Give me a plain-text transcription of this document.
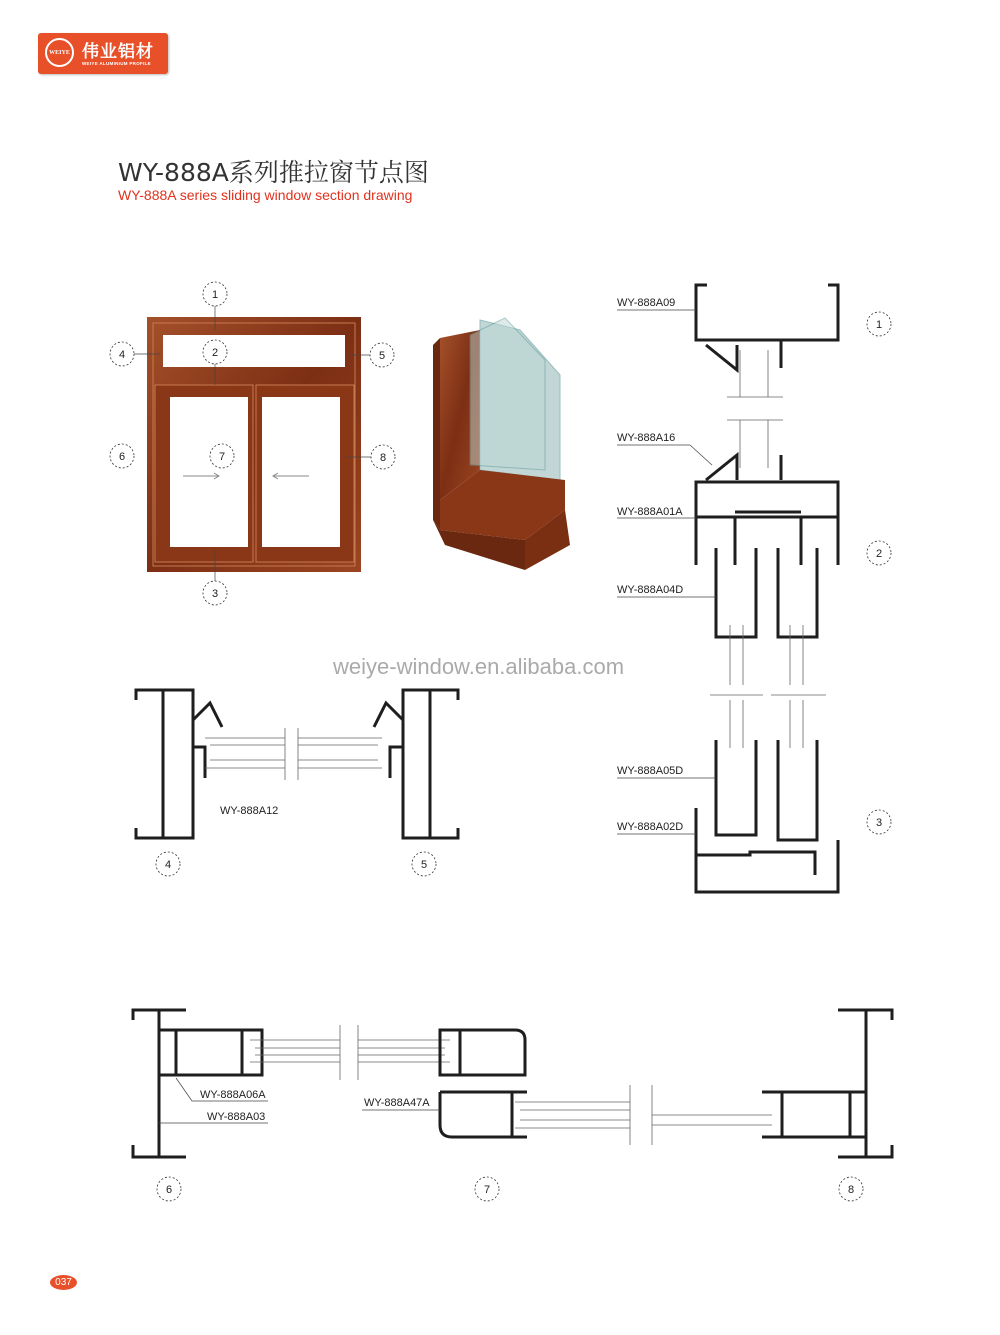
WEIYE 伟业铝材
WEIYE ALUMINIUM PROFILE
WY-888A系列推拉窗节点图
WY-888A series sliding window section drawing
1
2
3
4	5
6	7	8
WY-888A09
WY-888A16
WY-888A01A
WY-888A04D
WY-888A05D
WY-888A02D
1
2
3
WY-888A12
4	5
WY-888A06A
WY-888A03
WY-888A47A
6	7	8
weiye-window.en.alibaba.com
037
